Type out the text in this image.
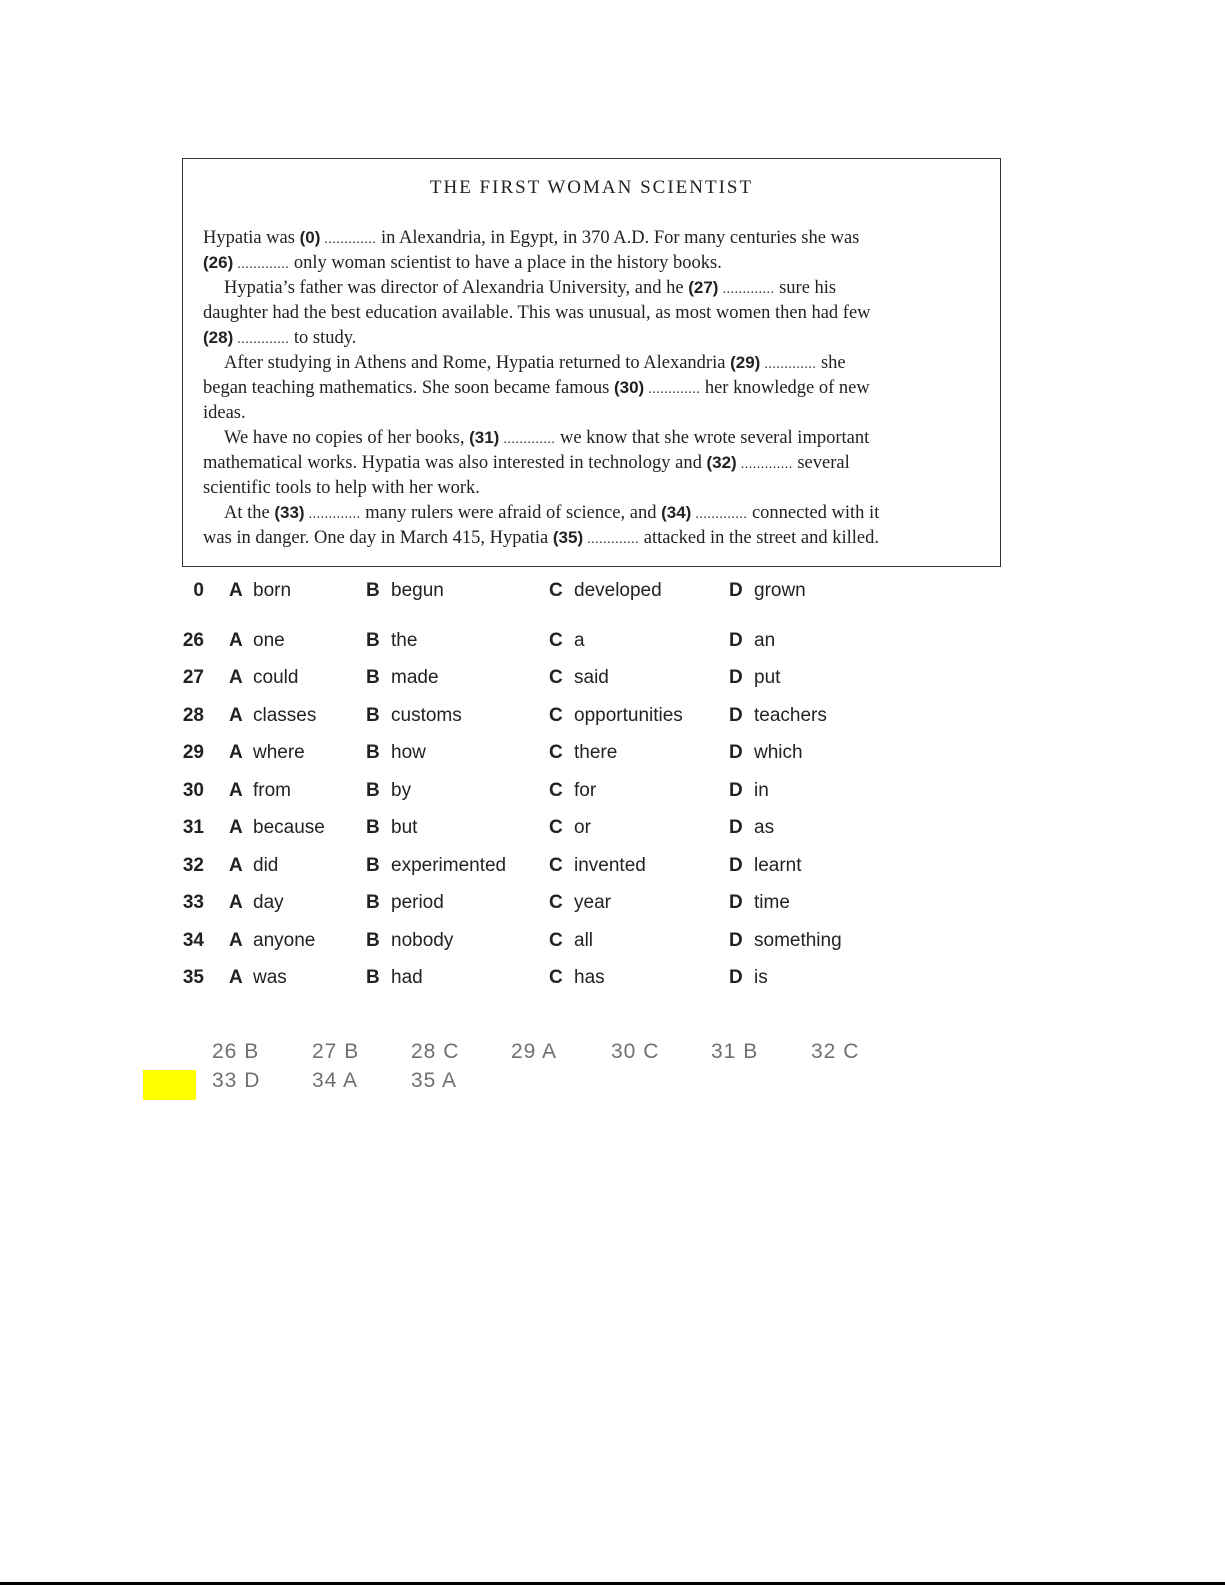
THE FIRST WOMAN SCIENTIST
Hypatia was (0) ............. in Alexandria, in Egypt, in 370 A.D. For many centuries she was
(26) ............. only woman scientist to have a place in the history books.
Hypatia’s father was director of Alexandria University, and he (27) ............. sure his
daughter had the best education available. This was unusual, as most women then had few
(28) ............. to study.
After studying in Athens and Rome, Hypatia returned to Alexandria (29) ............. she
began teaching mathematics. She soon became famous (30) ............. her knowledge of new
ideas.
We have no copies of her books, (31) ............. we know that she wrote several important
mathematical works. Hypatia was also interested in technology and (32) ............. several
scientific tools to help with her work.
At the (33) ............. many rulers were afraid of science, and (34) ............. connected with it
was in danger. One day in March 415, Hypatia (35) ............. attacked in the street and killed.
0 A born	B begun	C developed	D grown
26 A one	B the	C a	D an
27 A could	B made	C said	D put
28 A classes	B customs	C opportunities D teachers
29 A where	B how	C there	D which
30 A from	B by	C for	D in
31 A because B but	C or	D as
32 A did	B experimented C invented	D learnt
33 A day	B period	C year	D time
34 A anyone	B nobody	C all	D something
35 A was	B had	C has	D is
26 B	27 B 28 C 29 A	30 C 31 B	32 C
33 D 34 A	35 A
